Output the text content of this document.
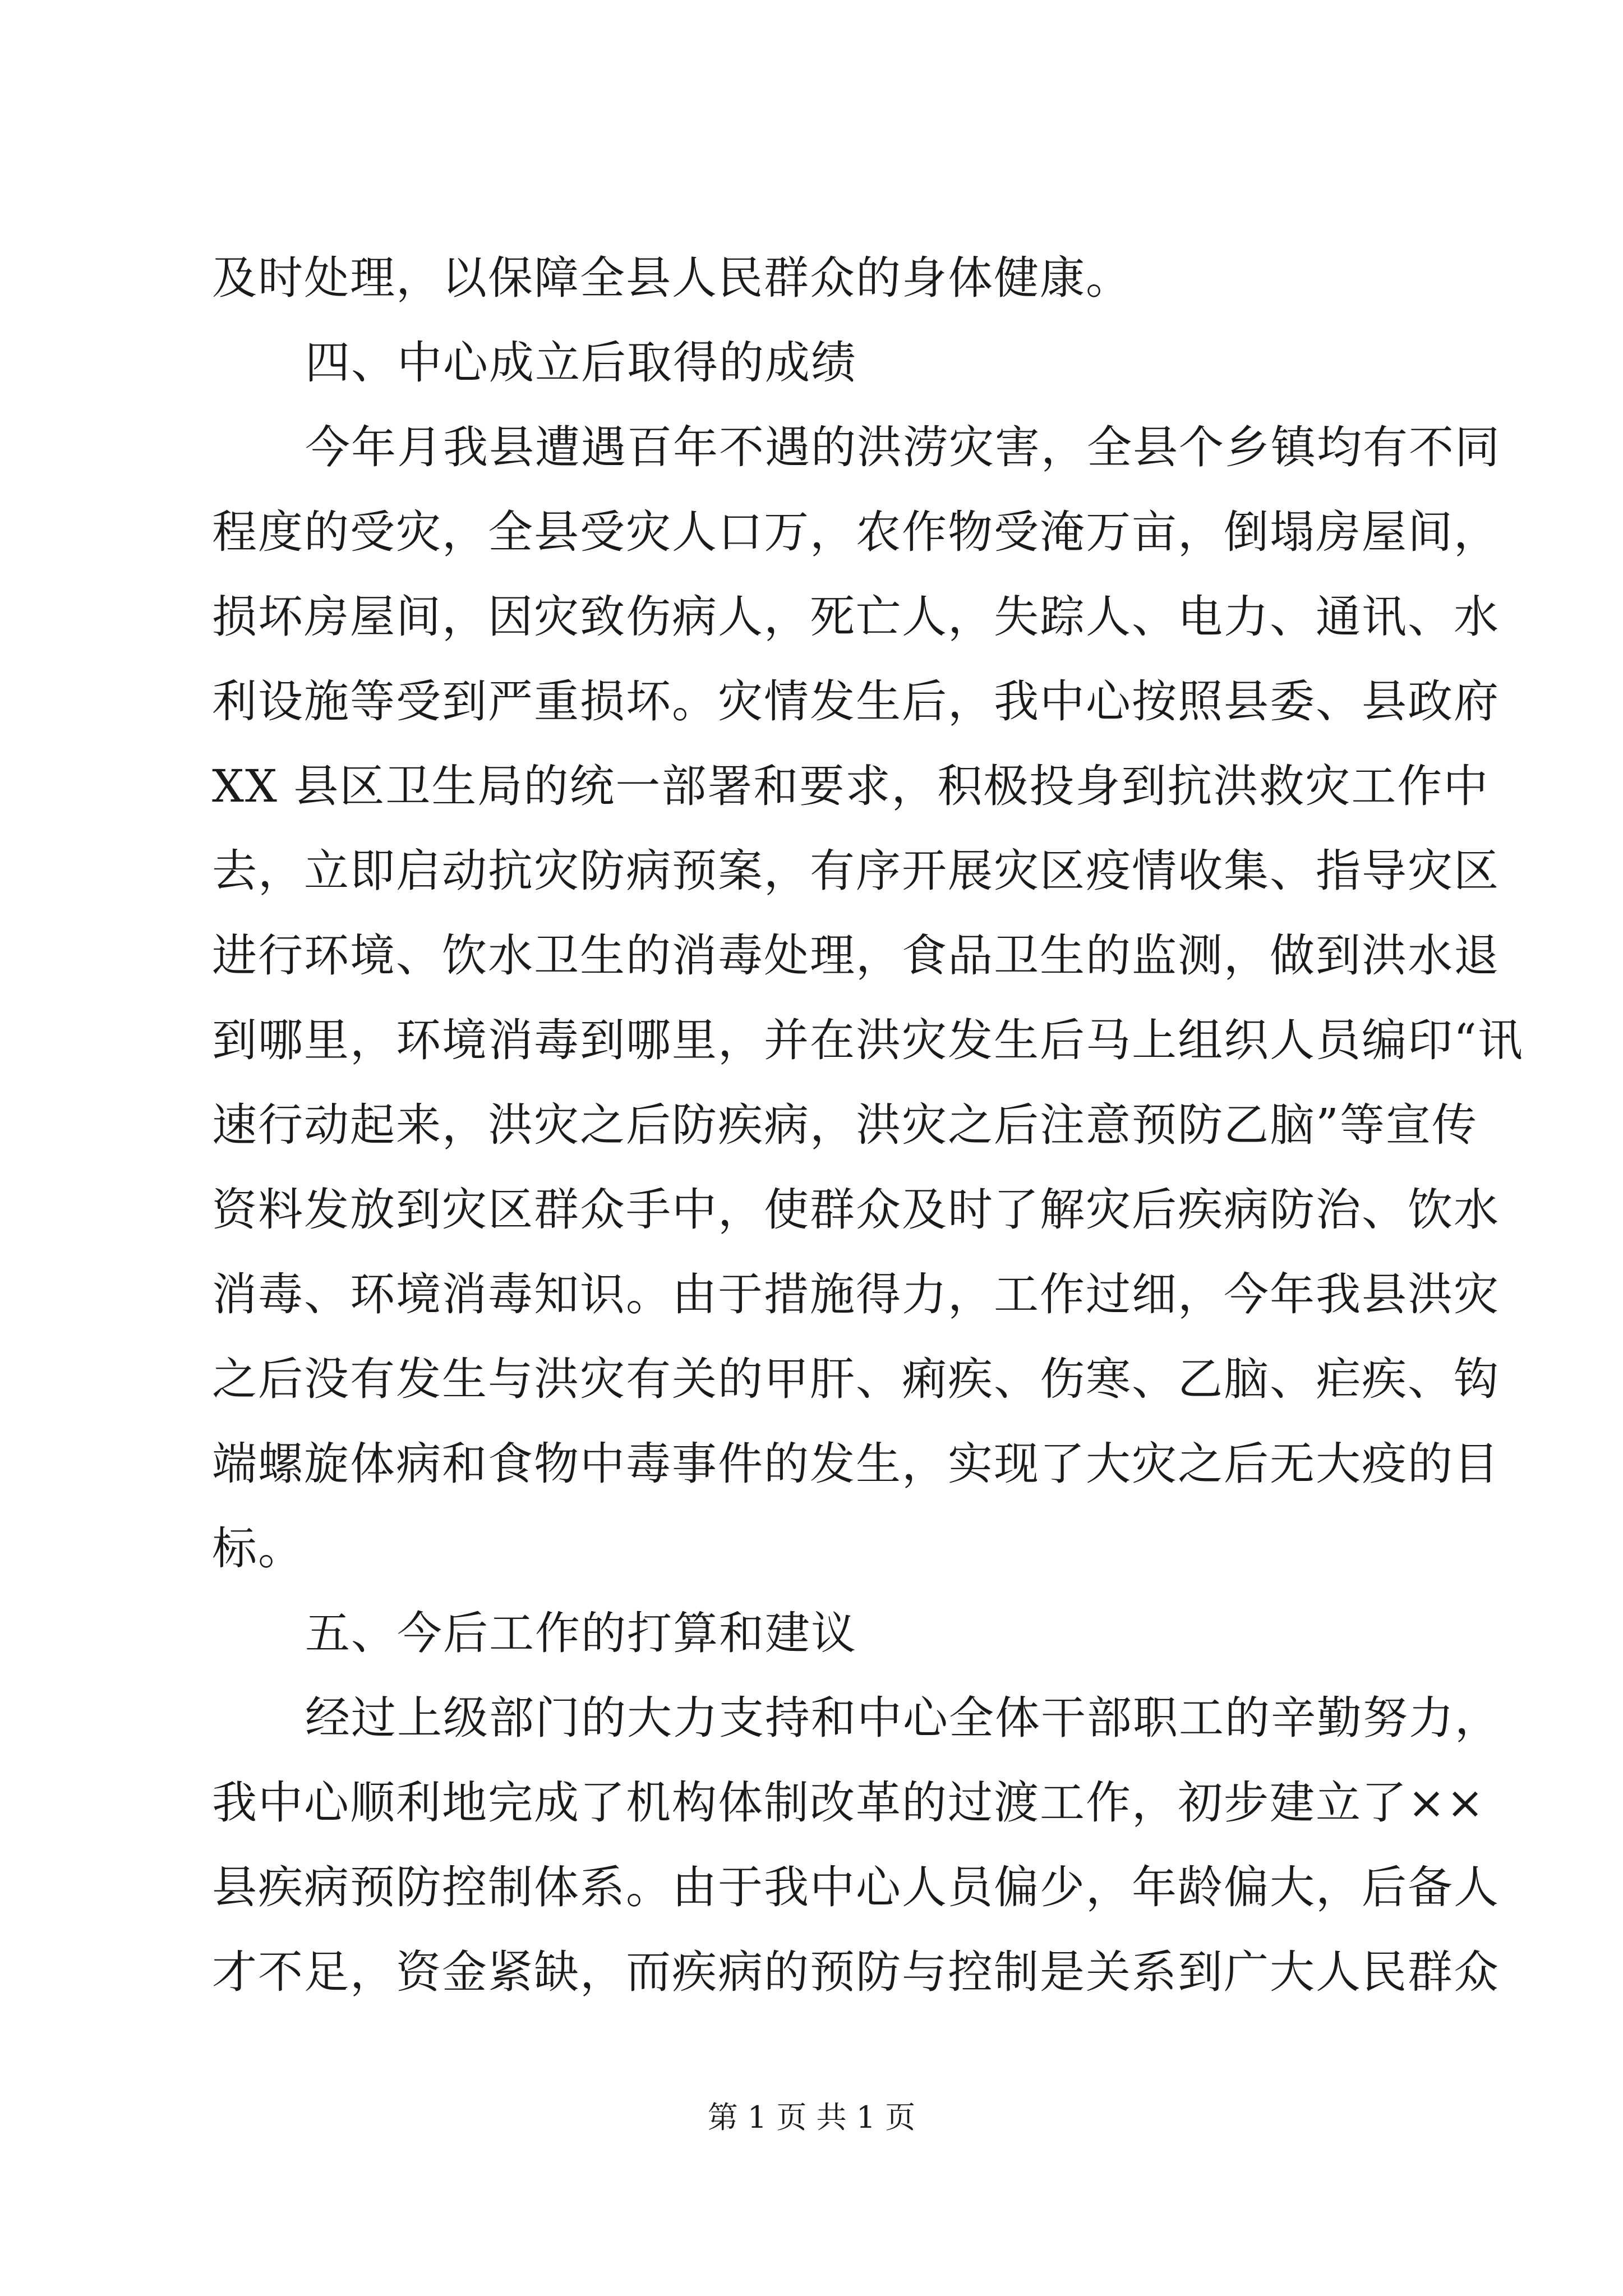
及时处理，以保障全县人民群众的身体健康。
四、中心成立后取得的成绩
今年月我县遭遇百年不遇的洪涝灾害，全县个乡镇均有不同
程度的受灾，全县受灾人口万，农作物受淹万亩，倒塌房屋间，
损坏房屋间，因灾致伤病人，死亡人，失踪人、电力、通讯、水
利设施等受到严重损坏。灾情发生后，我中心按照县委、县政府
XX 县区卫生局的统一部署和要求，积极投身到抗洪救灾工作中
去，立即启动抗灾防病预案，有序开展灾区疫情收集、指导灾区
进行环境、饮水卫生的消毒处理，食品卫生的监测，做到洪水退
到哪里，环境消毒到哪里，并在洪灾发生后马上组织人员编印“讯
速行动起来，洪灾之后防疾病，洪灾之后注意预防乙脑”等宣传
资料发放到灾区群众手中，使群众及时了解灾后疾病防治、饮水
消毒、环境消毒知识。由于措施得力，工作过细，今年我县洪灾
之后没有发生与洪灾有关的甲肝、痢疾、伤寒、乙脑、疟疾、钩
端螺旋体病和食物中毒事件的发生，实现了大灾之后无大疫的目
标。
五、今后工作的打算和建议
经过上级部门的大力支持和中心全体干部职工的辛勤努力，
我中心顺利地完成了机构体制改革的过渡工作，初步建立了××
县疾病预防控制体系。由于我中心人员偏少，年龄偏大，后备人
才不足，资金紧缺，而疾病的预防与控制是关系到广大人民群众
第 1 页 共 1 页
